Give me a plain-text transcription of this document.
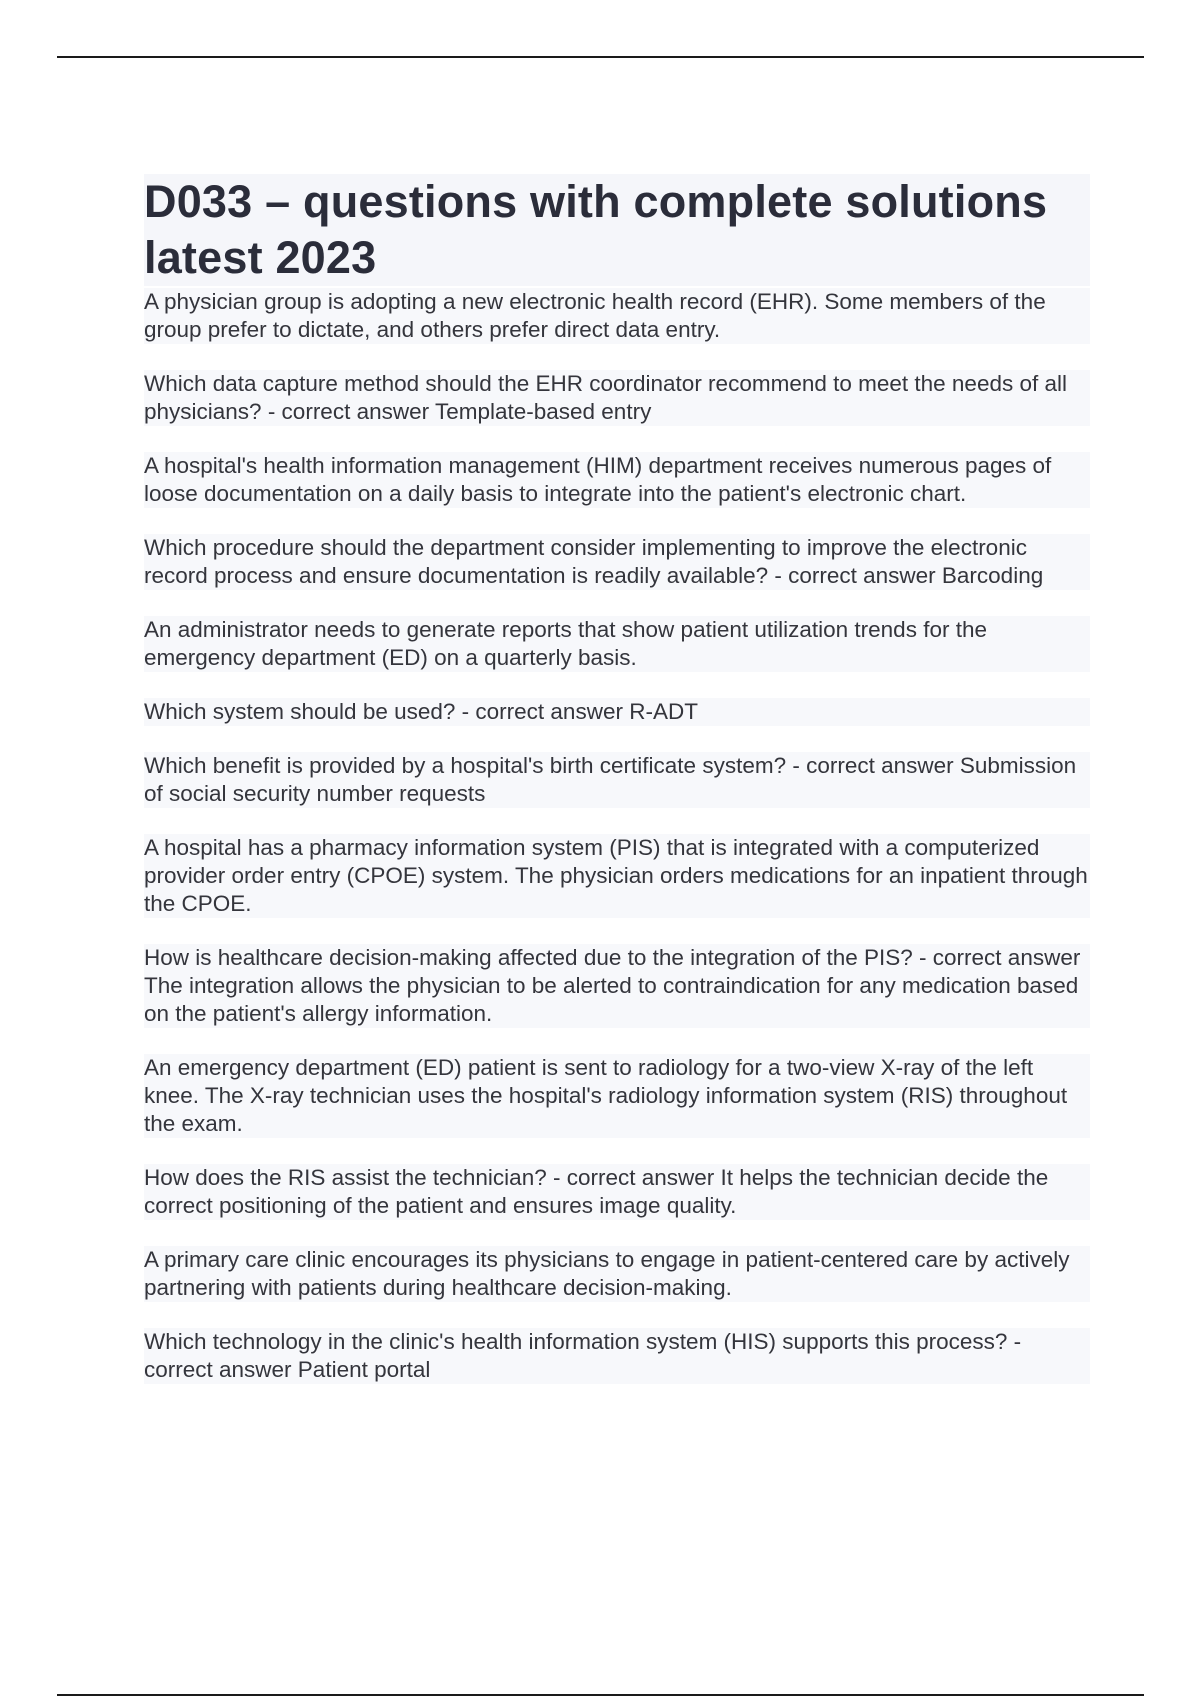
D033 – questions with complete solutions latest 2023

A physician group is adopting a new electronic health record (EHR). Some members of the group prefer to dictate, and others prefer direct data entry.

Which data capture method should the EHR coordinator recommend to meet the needs of all physicians? - correct answer Template-based entry

A hospital's health information management (HIM) department receives numerous pages of loose documentation on a daily basis to integrate into the patient's electronic chart.

Which procedure should the department consider implementing to improve the electronic record process and ensure documentation is readily available? - correct answer Barcoding

An administrator needs to generate reports that show patient utilization trends for the emergency department (ED) on a quarterly basis.

Which system should be used? - correct answer R-ADT

Which benefit is provided by a hospital's birth certificate system? - correct answer Submission of social security number requests

A hospital has a pharmacy information system (PIS) that is integrated with a computerized provider order entry (CPOE) system. The physician orders medications for an inpatient through the CPOE.

How is healthcare decision-making affected due to the integration of the PIS? - correct answer The integration allows the physician to be alerted to contraindication for any medication based on the patient's allergy information.

An emergency department (ED) patient is sent to radiology for a two-view X-ray of the left knee. The X-ray technician uses the hospital's radiology information system (RIS) throughout the exam.

How does the RIS assist the technician? - correct answer It helps the technician decide the correct positioning of the patient and ensures image quality.

A primary care clinic encourages its physicians to engage in patient-centered care by actively partnering with patients during healthcare decision-making.

Which technology in the clinic's health information system (HIS) supports this process? - correct answer Patient portal
